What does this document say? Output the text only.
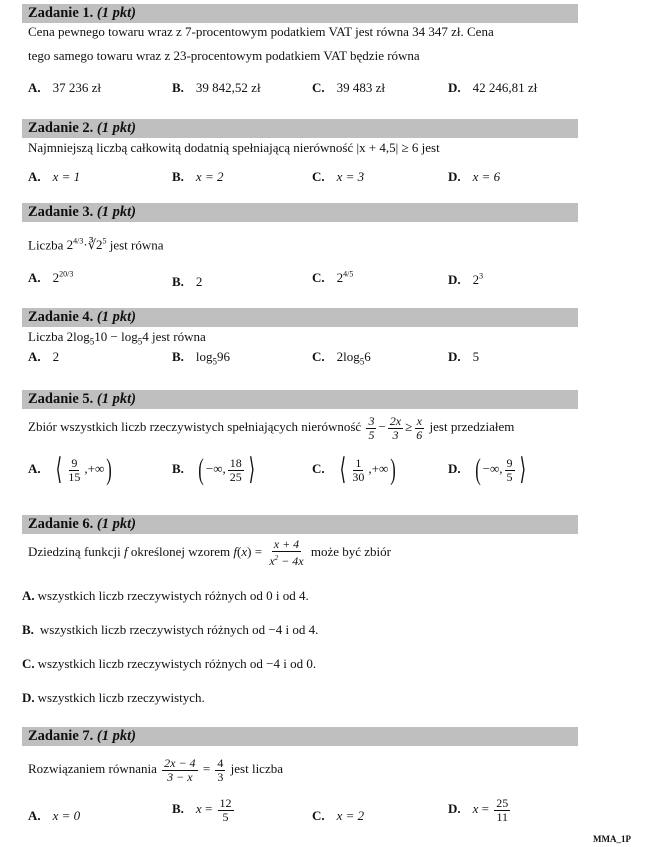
Zadanie 1. (1 pkt)
Cena pewnego towaru wraz z 7-procentowym podatkiem VAT jest równa 34 347 zł. Cena
tego samego towaru wraz z 23-procentowym podatkiem VAT będzie równa
A. 37 236 zł	B. 39 842,52 zł	C. 39 483 zł	D. 42 246,81 zł
Zadanie 2. (1 pkt)
Najmniejszą liczbą całkowitą dodatnią spełniającą nierówność |x + 4,5| ≥ 6 jest
A. x = 1	B. x = 2	C. x = 3	D. x = 6
Zadanie 3. (1 pkt)
Liczba $2^{4/3}\cdot∛2^5$ jest równa
A. $2^{20/3}$	B. 2	C. $2^{4/5}$	D. $2^3$
Zadanie 4. (1 pkt)
Liczba $2\log_510 - \log_54$ jest równa
A. 2	B. $\log_596$	C. $2\log_56$	D. 5
Zadanie 5. (1 pkt)
Zbiór wszystkich liczb rzeczywistych spełniających nierówność $\frac{3}{5} - \frac{2x}{3} \ge \frac{x}{6}$ jest przedziałem
A. ⟨ $\frac{9}{15}$ ,+∞)	B. ( −∞, $\frac{18}{25}$ ⟩	C. ⟨ $\frac{1}{30}$ ,+∞)	D. ( −∞, $\frac{9}{5}$ ⟩
Zadanie 6. (1 pkt)
Dziedziną funkcji f określonej wzorem $f(x) = \frac{x + 4}{x^2 - 4x}$ może być zbiór
A. wszystkich liczb rzeczywistych różnych od 0 i od 4.
B. wszystkich liczb rzeczywistych różnych od −4 i od 4.
C. wszystkich liczb rzeczywistych różnych od −4 i od 0.
D. wszystkich liczb rzeczywistych.
Zadanie 7. (1 pkt)
Rozwiązaniem równania $\frac{2x - 4}{3 - x} = \frac{4}{3}$ jest liczba
A. x = 0	B. $x = \frac{12}{5}$	C. x = 2	D. $x = \frac{25}{11}$
MMA_1P
